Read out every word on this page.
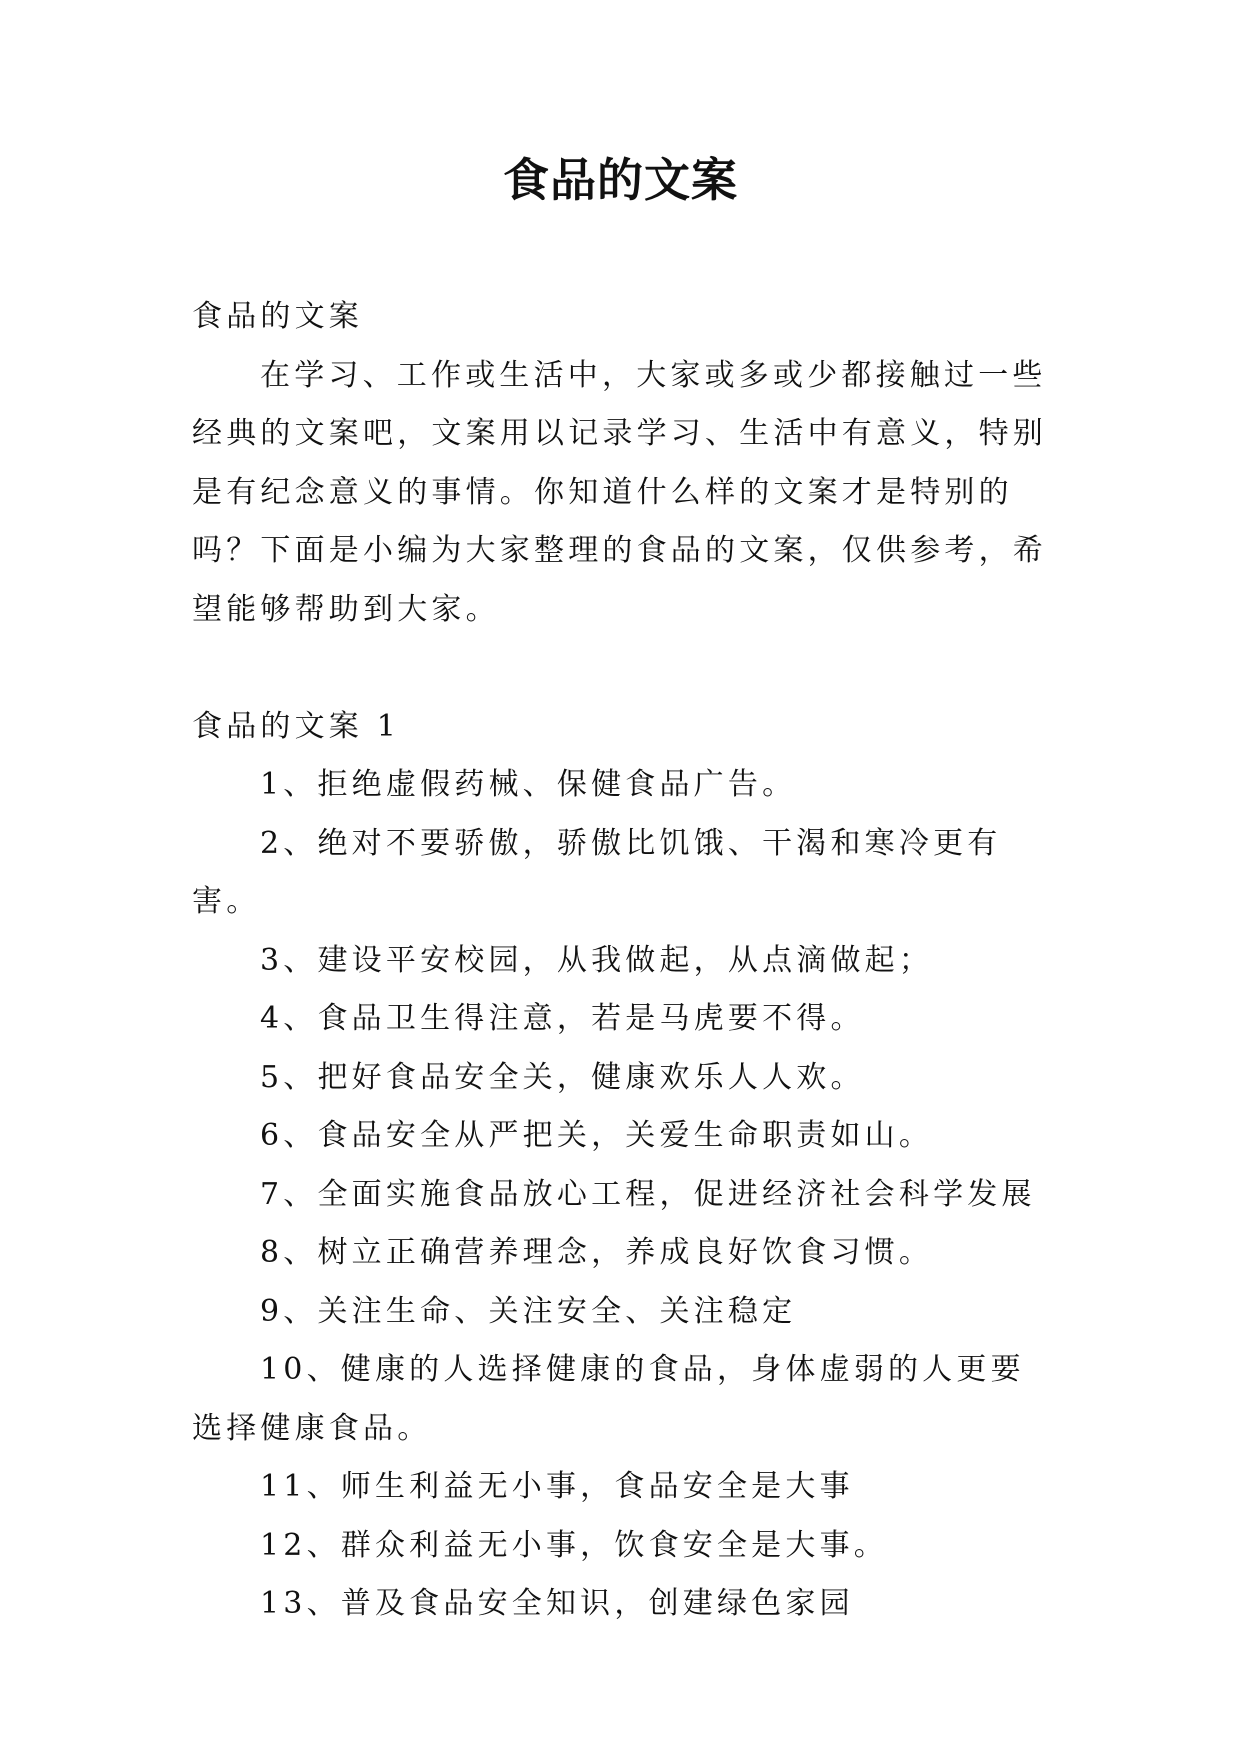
食品的文案

食品的文案

在学习、工作或生活中，大家或多或少都接触过一些经典的文案吧，文案用以记录学习、生活中有意义，特别是有纪念意义的事情。你知道什么样的文案才是特别的吗？下面是小编为大家整理的食品的文案，仅供参考，希望能够帮助到大家。

食品的文案 1

1、拒绝虚假药械、保健食品广告。

2、绝对不要骄傲，骄傲比饥饿、干渴和寒冷更有害。

3、建设平安校园，从我做起，从点滴做起；

4、食品卫生得注意，若是马虎要不得。

5、把好食品安全关，健康欢乐人人欢。

6、食品安全从严把关，关爱生命职责如山。

7、全面实施食品放心工程，促进经济社会科学发展

8、树立正确营养理念，养成良好饮食习惯。

9、关注生命、关注安全、关注稳定

10、健康的人选择健康的食品，身体虚弱的人更要选择健康食品。

11、师生利益无小事，食品安全是大事

12、群众利益无小事，饮食安全是大事。

13、普及食品安全知识，创建绿色家园
